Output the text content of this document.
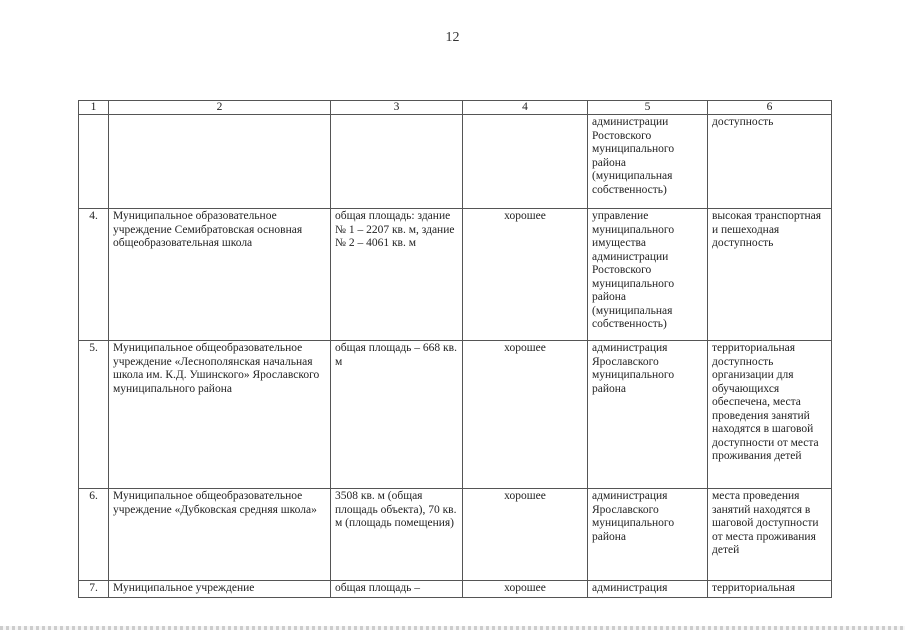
12
1	2	3	4	5	6
				администрации Ростовского муниципального района (муниципальная собственность)	доступность
4.	Муниципальное образовательное учреждение Семибратовская основная общеобразовательная школа	общая площадь: здание № 1 – 2207 кв. м, здание № 2 – 4061 кв. м	хорошее	управление муниципального имущества администрации Ростовского муниципального района (муниципальная собственность)	высокая транспортная и пешеходная доступность
5.	Муниципальное общеобразовательное учреждение «Леснополянская начальная школа им. К.Д. Ушинского» Ярославского муниципального района	общая площадь – 668 кв. м	хорошее	администрация Ярославского муниципального района	территориальная доступность организации для обучающихся обеспечена, места проведения занятий находятся в шаговой доступности от места проживания детей
6.	Муниципальное общеобразовательное учреждение «Дубковская средняя школа»	3508 кв. м (общая площадь объекта), 70 кв. м (площадь помещения)	хорошее	администрация Ярославского муниципального района	места проведения занятий находятся в шаговой доступности от места проживания детей
7.	Муниципальное учреждение	общая площадь –	хорошее	администрация	территориальная
